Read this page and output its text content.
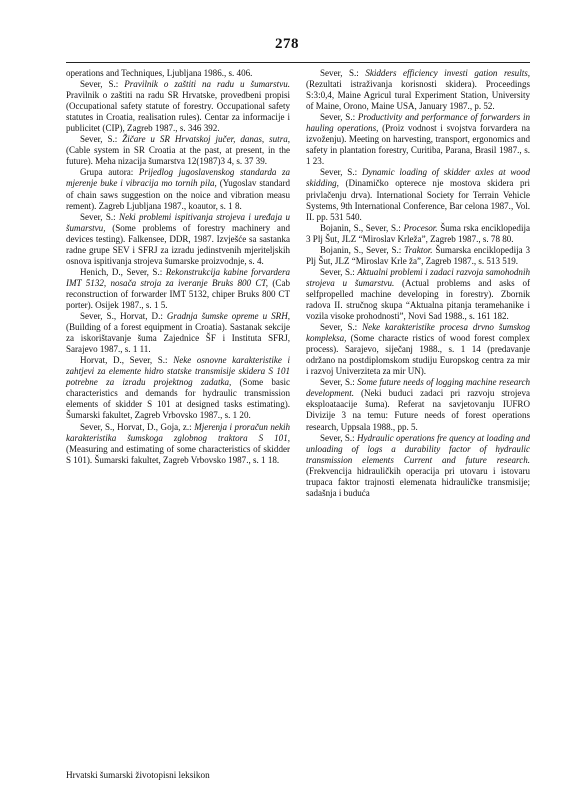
278

operations and Techniques, Ljubljana 1986., s. 406.

Sever, S.: Pravilnik o zaštiti na radu u šumarstvu. Pravilnik o zaštiti na radu SR Hrvatske, provedbeni propisi (Occupational safety statute of forestry. Occupational safety statutes in Croatia, realisation rules). Centar za informacije i publicitet (CIP), Zagreb 1987., s. 346 392.

Sever, S.: Žičare u SR Hrvatskoj jučer, danas, sutra, (Cable system in SR Croatia at the past, at present, in the future). Meha nizacija šumarstva 12(1987)3 4, s. 37 39.

Grupa autora: Prijedlog jugoslavenskog standarda za mjerenje buke i vibracija mo tornih pila, (Yugoslav standard of chain saws suggestion on the noice and vibration measu rement). Zagreb Ljubljana 1987., koautor, s. 1 8.

Sever, S.: Neki problemi ispitivanja strojeva i uređaja u šumarstvu, (Some problems of forestry machinery and devices testing). Falkensee, DDR, 1987. Izvješće sa sastanka radne grupe SEV i SFRJ za izradu jedinstvenih mjeriteljskih osnova ispitivanja strojeva šumarske proizvodnje, s. 4.

Henich, D., Sever, S.: Rekonstrukcija kabine forvardera IMT 5132, nosača stroja za iveranje Bruks 800 CT, (Cab reconstruction of forwarder IMT 5132, chiper Bruks 800 CT porter). Osijek 1987., s. 1 5.

Sever, S., Horvat, D.: Gradnja šumske opreme u SRH, (Building of a forest equipment in Croatia). Sastanak sekcije za iskorištavanje šuma Zajednice ŠF i Instituta SFRJ, Sarajevo 1987., s. 1 11.

Horvat, D., Sever, S.: Neke osnovne karakteristike i zahtjevi za elemente hidro statske transmisije skidera S 101 potrebne za izradu projektnog zadatka, (Some basic characteristics and demands for hydraulic transmission elements of skidder S 101 at designed tasks estimating). Šumarski fakultet, Zagreb Vrbovsko 1987., s. 1 20.

Sever, S., Horvat, D., Goja, z.: Mjerenja i proračun nekih karakteristika šumskoga zglobnog traktora S 101, (Measuring and estimating of some characteristics of skidder S 101). Šumarski fakultet, Zagreb Vrbovsko 1987., s. 1 18.

Sever, S.: Skidders efficiency investi gation results, (Rezultati istraživanja korisnosti skidera). Proceedings S:3:0,4, Maine Agricul tural Experiment Station, University of Maine, Orono, Maine USA, January 1987., p. 52.

Sever, S.: Productivity and performance of forwarders in hauling operations, (Proiz vodnost i svojstva forvardera na izvoženju). Meeting on harvesting, transport, ergonomics and safety in plantation forestry, Curitiba, Parana, Brasil 1987., s. 1 23.

Sever, S.: Dynamic loading of skidder axles at wood skidding, (Dinamičko opterece nje mostova skidera pri privlačenju drva). International Society for Terrain Vehicle Systems, 9th International Conference, Bar celona 1987., Vol. II. pp. 531 540.

Bojanin, S., Sever, S.: Procesor. Šuma rska enciklopedija 3 Plj Šut, JLZ “Miroslav Krleža”, Zagreb 1987., s. 78 80.

Bojanin, S., Sever, S.: Traktor. Šumarska enciklopedija 3 Plj Šut, JLZ “Miroslav Krle ža”, Zagreb 1987., s. 513 519.

Sever, S.: Aktualni problemi i zadaci razvoja samohodnih strojeva u šumarstvu. (Actual problems and asks of selfpropelled machine developing in forestry). Zbornik radova II. stručnog skupa “Aktualna pitanja teramehanike i vozila visoke prohodnosti”, Novi Sad 1988., s. 161 182.

Sever, S.: Neke karakteristike procesa drvno šumskog kompleksa, (Some characte ristics of wood forest complex process). Sarajevo, siječanj 1988., s. 1 14 (predavanje održano na postdiplomskom studiju Europskog centra za mir i razvoj Univerziteta za mir UN).

Sever, S.: Some future needs of logging machine research development. (Neki buduci zadaci pri razvoju strojeva eksploataacije šuma). Referat na savjetovanju IUFRO Divizije 3 na temu: Future needs of forest operations research, Uppsala 1988., pp. 5.

Sever, S.: Hydraulic operations fre quency at loading and unloading of logs a durability factor of hydraulic transmission elements Current and future research. (Frekvencija hidrauličkih operacija pri utovaru i istovaru trupaca faktor trajnosti elemenata hidrauličke transmisije; sadašnja i buduća

Hrvatski šumarski životopisni leksikon
